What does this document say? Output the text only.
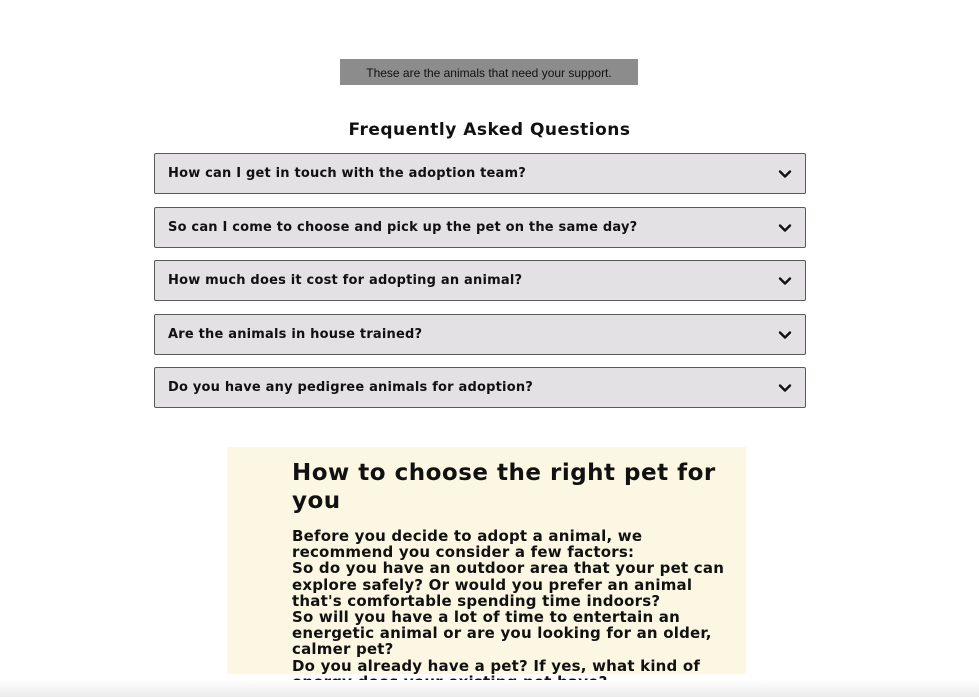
These are the animals that need your support.
Frequently Asked Questions
How can I get in touch with the adoption team?
So can I come to choose and pick up the pet on the same day?
How much does it cost for adopting an animal?
Are the animals in house trained?
Do you have any pedigree animals for adoption?
How to choose the right pet for you

Before you decide to adopt a animal, we recommend you consider a few factors:

So do you have an outdoor area that your pet can explore safely? Or would you prefer an animal that's comfortable spending time indoors?

So will you have a lot of time to entertain an energetic animal or are you looking for an older, calmer pet?

Do you already have a pet? If yes, what kind of
